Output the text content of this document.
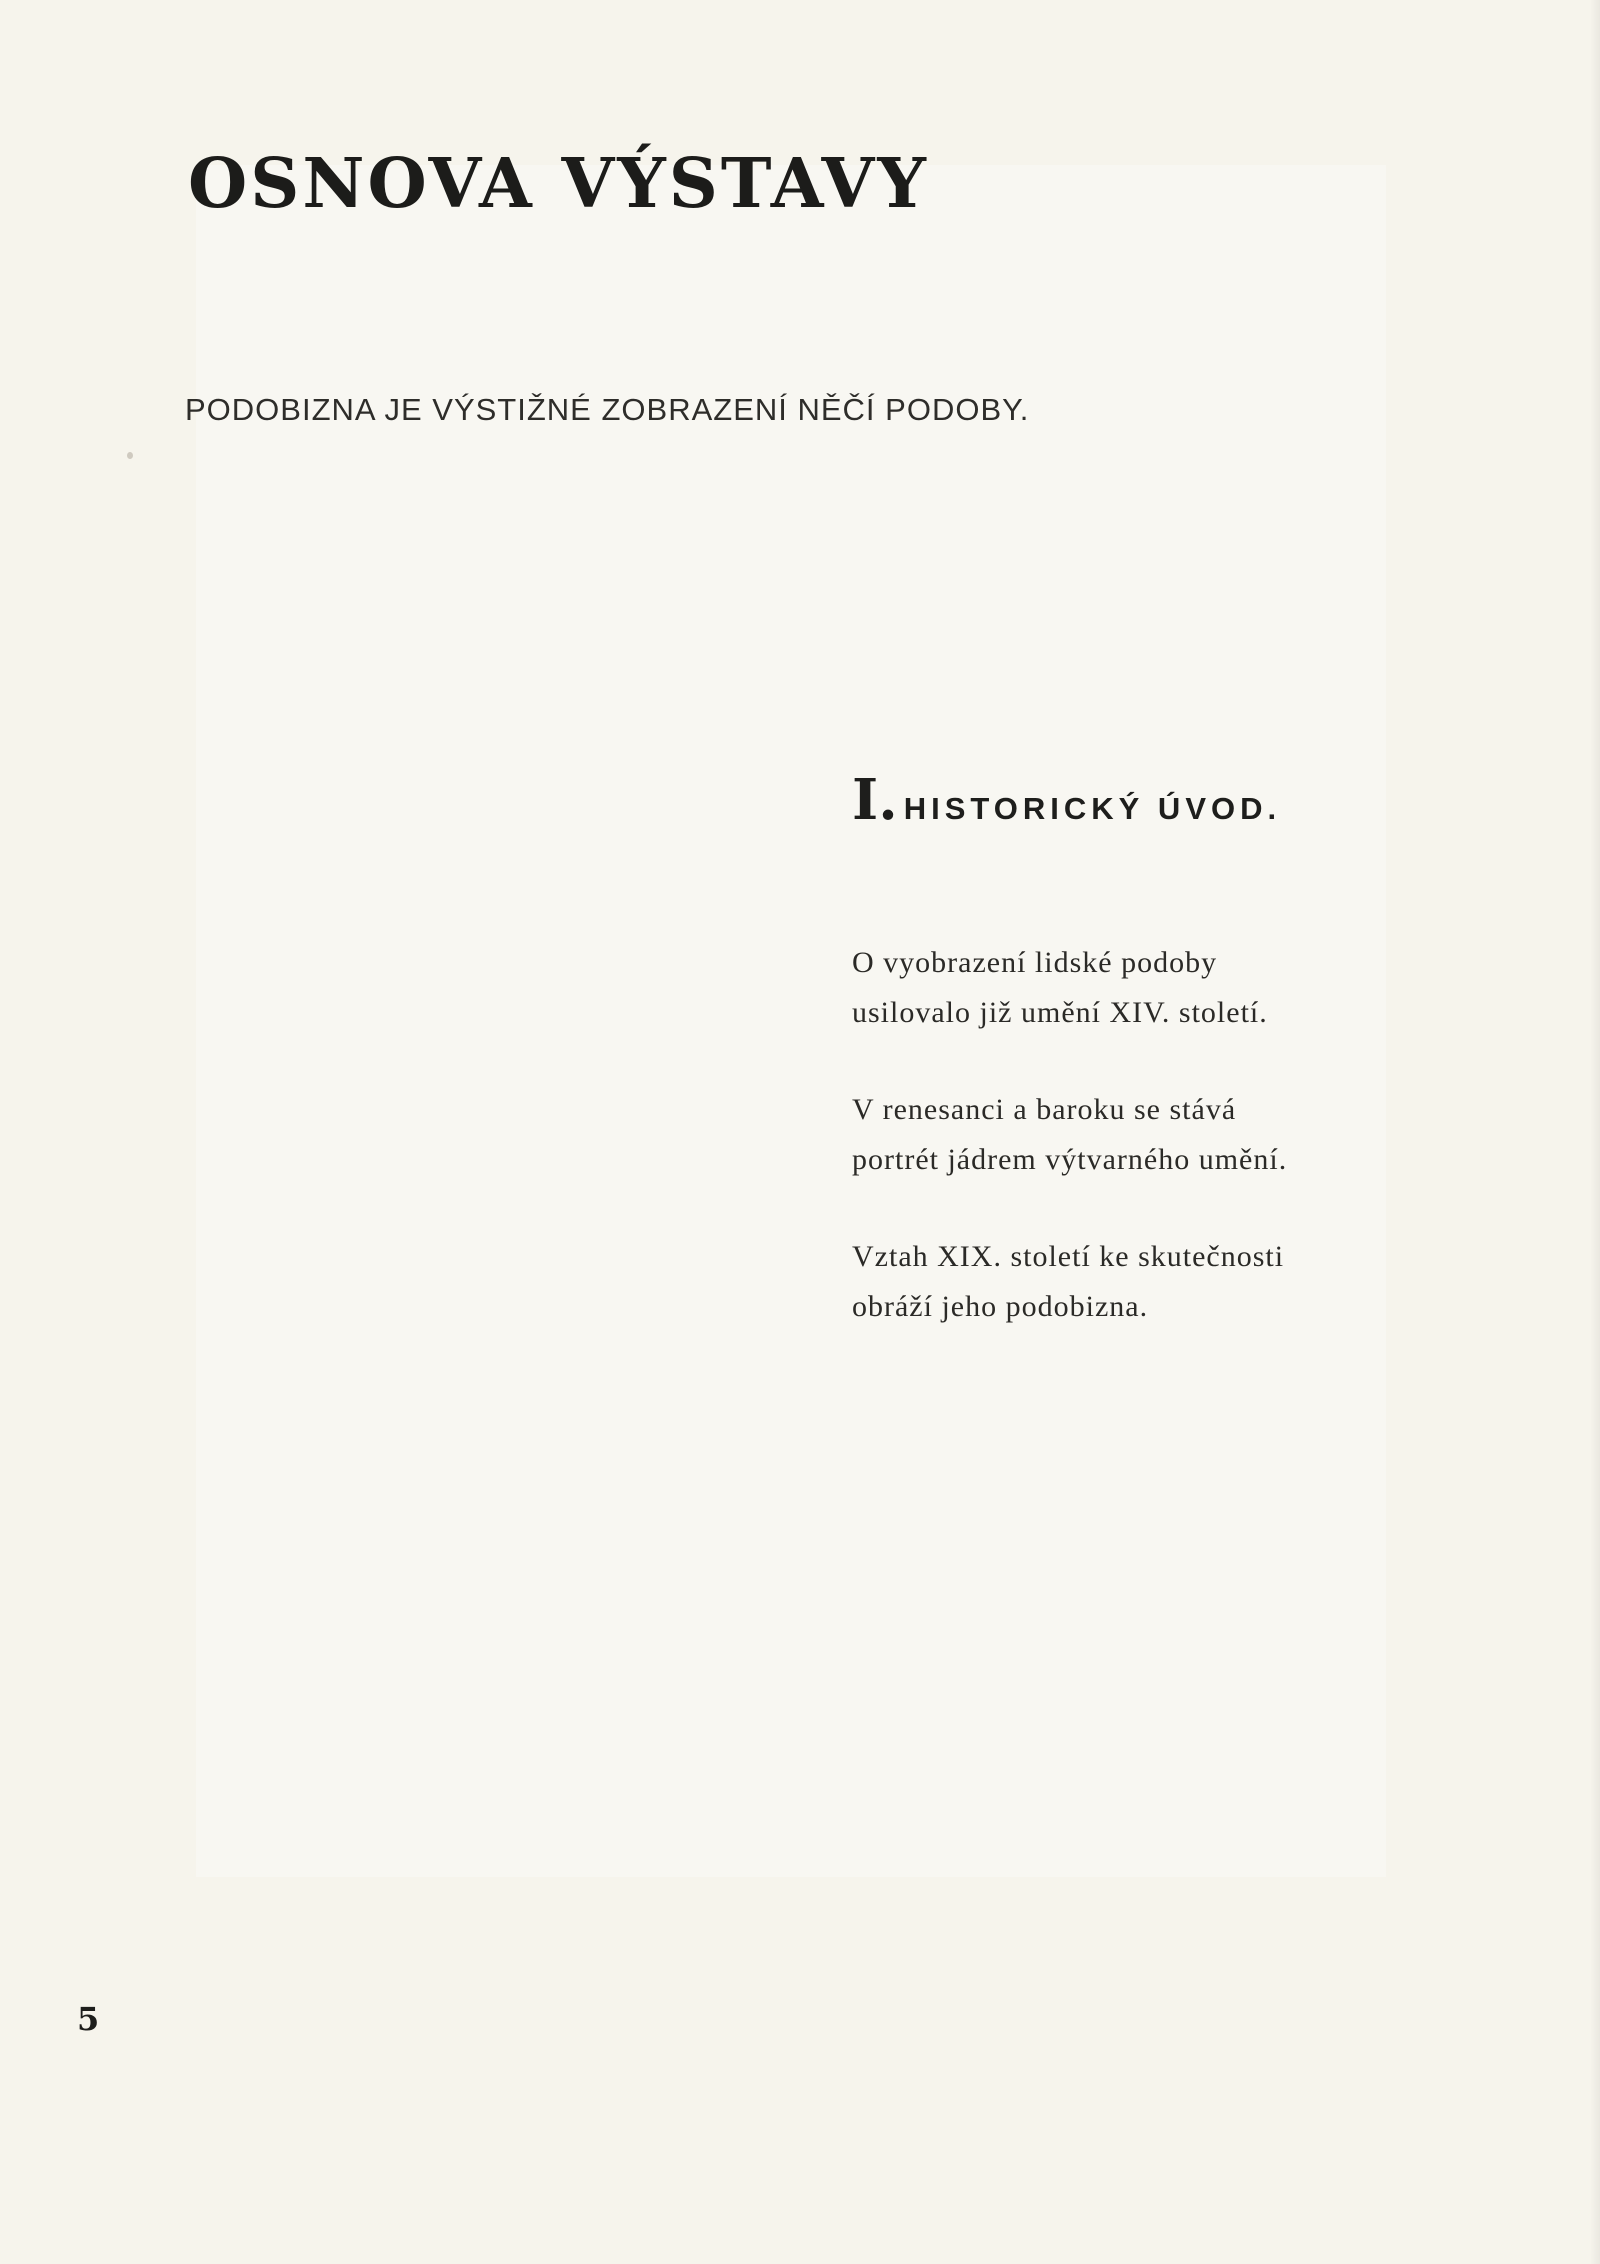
OSNOVA VÝSTAVY

PODOBIZNA JE VÝSTIŽNÉ ZOBRAZENÍ NĚČÍ PODOBY.

I. HISTORICKÝ ÚVOD.

O vyobrazení lidské podoby
usilovalo již umění XIV. století.

V renesanci a baroku se stává
portrét jádrem výtvarného umění.

Vztah XIX. století ke skutečnosti
obráží jeho podobizna.

5
